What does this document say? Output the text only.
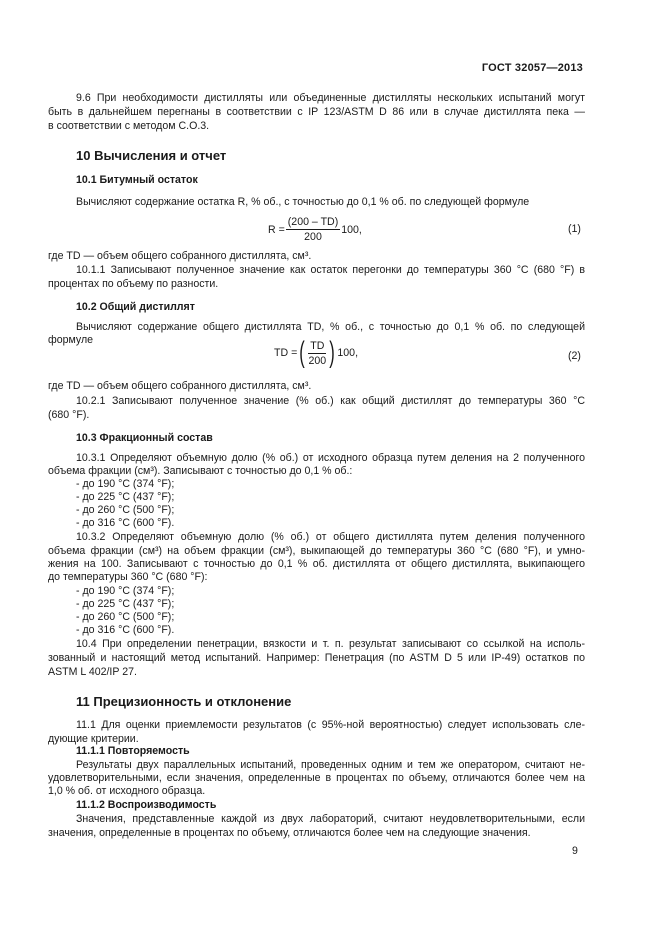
ГОСТ 32057—2013
9.6 При необходимости дистилляты или объединенные дистилляты нескольких испытаний могут
быть в дальнейшем перегнаны в соответствии с IP 123/ASTM D 86 или в случае дистиллята пека —
в соответствии с методом C.O.3.
10 Вычисления и отчет
10.1 Битумный остаток
Вычисляют содержание остатка R, % об., с точностью до 0,1 % об. по следующей формуле
$R = \frac{(200 - TD)}{200} 100$,	(1)
где TD — объем общего собранного дистиллята, см³.
10.1.1 Записывают полученное значение как остаток перегонки до температуры 360 °С (680 °F) в
процентах по объему по разности.
10.2 Общий дистиллят
Вычисляют содержание общего дистиллята TD, % об., с точностью до 0,1 % об. по следующей
формуле
TD = ( $\frac{TD}{200}$ ) 100,	(2)
где TD — объем общего собранного дистиллята, см³.
10.2.1 Записывают полученное значение (% об.) как общий дистиллят до температуры 360 °С
(680 °F).
10.3 Фракционный состав
10.3.1 Определяют объемную долю (% об.) от исходного образца путем деления на 2 полученного
объема фракции (см³). Записывают с точностью до 0,1 % об.:
- до 190 °С (374 °F);
- до 225 °С (437 °F);
- до 260 °С (500 °F);
- до 316 °С (600 °F).
10.3.2 Определяют объемную долю (% об.) от общего дистиллята путем деления полученного
объема фракции (см³) на объем фракции (см³), выкипающей до температуры 360 °С (680 °F), и умно-
жения на 100. Записывают с точностью до 0,1 % об. дистиллята от общего дистиллята, выкипающего
до температуры 360 °С (680 °F):
- до 190 °С (374 °F);
- до 225 °С (437 °F);
- до 260 °С (500 °F);
- до 316 °С (600 °F).
10.4 При определении пенетрации, вязкости и т. п. результат записывают со ссылкой на исполь-
зованный и настоящий метод испытаний. Например: Пенетрация (по ASTM D 5 или IP-49) остатков по
ASTM L 402/IP 27.
11 Прецизионность и отклонение
11.1 Для оценки приемлемости результатов (с 95%-ной вероятностью) следует использовать сле-
дующие критерии.
11.1.1 Повторяемость
Результаты двух параллельных испытаний, проведенных одним и тем же оператором, считают не-
удовлетворительными, если значения, определенные в процентах по объему, отличаются более чем на
1,0 % об. от исходного образца.
11.1.2 Воспроизводимость
Значения, представленные каждой из двух лабораторий, считают неудовлетворительными, если
значения, определенные в процентах по объему, отличаются более чем на следующие значения.
9
